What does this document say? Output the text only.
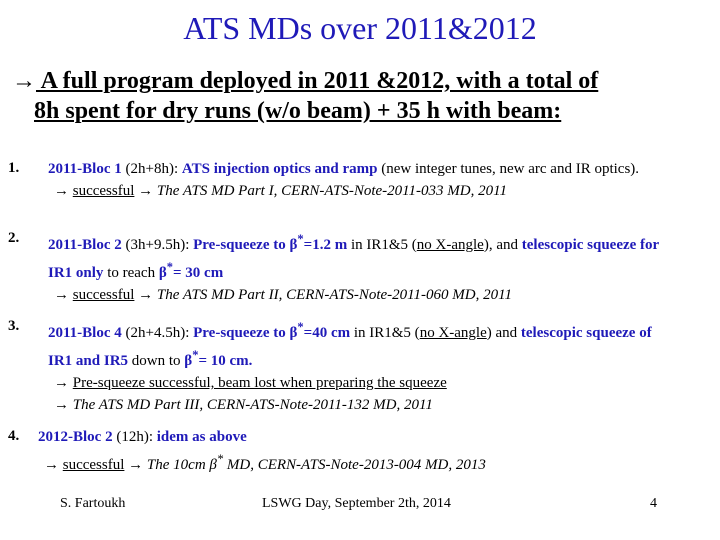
ATS MDs over 2011&2012
→ A full program deployed in 2011 &2012, with a total of
8h spent for dry runs (w/o beam) + 35 h with beam:
1. 2011-Bloc 1 (2h+8h): ATS injection optics and ramp (new integer tunes, new arc and IR optics).
→ successful → The ATS MD Part I, CERN-ATS-Note-2011-033 MD, 2011
2. 2011-Bloc 2 (3h+9.5h): Pre-squeeze to β*=1.2 m in IR1&5 (no X-angle), and telescopic squeeze for
IR1 only to reach β*= 30 cm
→ successful → The ATS MD Part II, CERN-ATS-Note-2011-060 MD, 2011
3. 2011-Bloc 4 (2h+4.5h): Pre-squeeze to β*=40 cm in IR1&5 (no X-angle) and telescopic squeeze of
IR1 and IR5 down to β*= 10 cm.
→ Pre-squeeze successful, beam lost when preparing the squeeze
→ The ATS MD Part III, CERN-ATS-Note-2011-132 MD, 2011
4. 2012-Bloc 2 (12h): idem as above
→ successful → The 10cm β* MD, CERN-ATS-Note-2013-004 MD, 2013
S. Fartoukh	LSWG Day, September 2th, 2014	4
